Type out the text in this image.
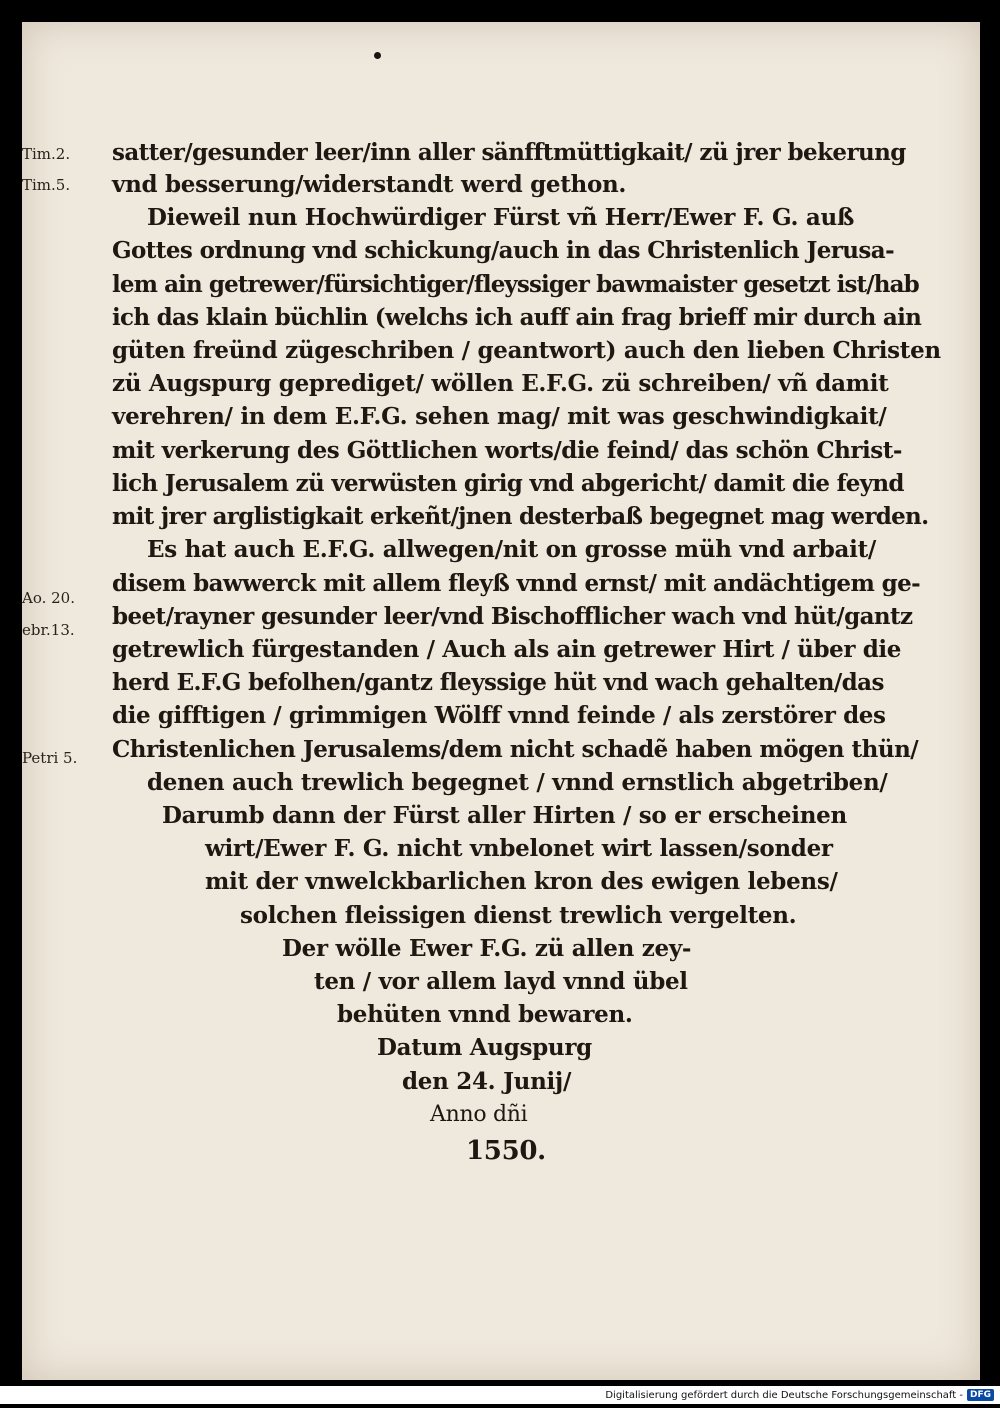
Tim.2.
Tim.5.
Ao. 20.
ebr.13.
Petri 5.
satter/gesunder leer/inn aller sänfftmüttigkait/ zü jrer bekerung
vnd besserung/widerstandt werd gethon.
Dieweil nun Hochwürdiger Fürst vñ Herr/Ewer F. G. auß
Gottes ordnung vnd schickung/auch in das Christenlich Jerusa-
lem ain getrewer/fürsichtiger/fleyssiger bawmaister gesetzt ist/hab
ich das klain büchlin (welchs ich auff ain frag brieff mir durch ain
güten freünd zügeschriben / geantwort) auch den lieben Christen
zü Augspurg geprediget/ wöllen E.F.G. zü schreiben/ vñ damit
verehren/ in dem E.F.G. sehen mag/ mit was geschwindigkait/
mit verkerung des Göttlichen worts/die feind/ das schön Christ-
lich Jerusalem zü verwüsten girig vnd abgericht/ damit die feynd
mit jrer arglistigkait erkeñt/jnen desterbaß begegnet mag werden.
Es hat auch E.F.G. allwegen/nit on grosse müh vnd arbait/
disem bawwerck mit allem fleyß vnnd ernst/ mit andächtigem ge-
beet/rayner gesunder leer/vnd Bischofflicher wach vnd hüt/gantz
getrewlich fürgestanden / Auch als ain getrewer Hirt / über die
herd E.F.G befolhen/gantz fleyssige hüt vnd wach gehalten/das
die gifftigen / grimmigen Wölff vnnd feinde / als zerstörer des
Christenlichen Jerusalems/dem nicht schadẽ haben mögen thün/
denen auch trewlich begegnet / vnnd ernstlich abgetriben/
Darumb dann der Fürst aller Hirten / so er erscheinen
wirt/Ewer F. G. nicht vnbelonet wirt lassen/sonder
mit der vnwelckbarlichen kron des ewigen lebens/
solchen fleissigen dienst trewlich vergelten.
Der wölle Ewer F.G. zü allen zey-
ten / vor allem layd vnnd übel
behüten vnnd bewaren.
Datum Augspurg
den 24. Junij/
Anno dñi
1550.
Digitalisierung gefördert durch die Deutsche Forschungsgemeinschaft - DFG
